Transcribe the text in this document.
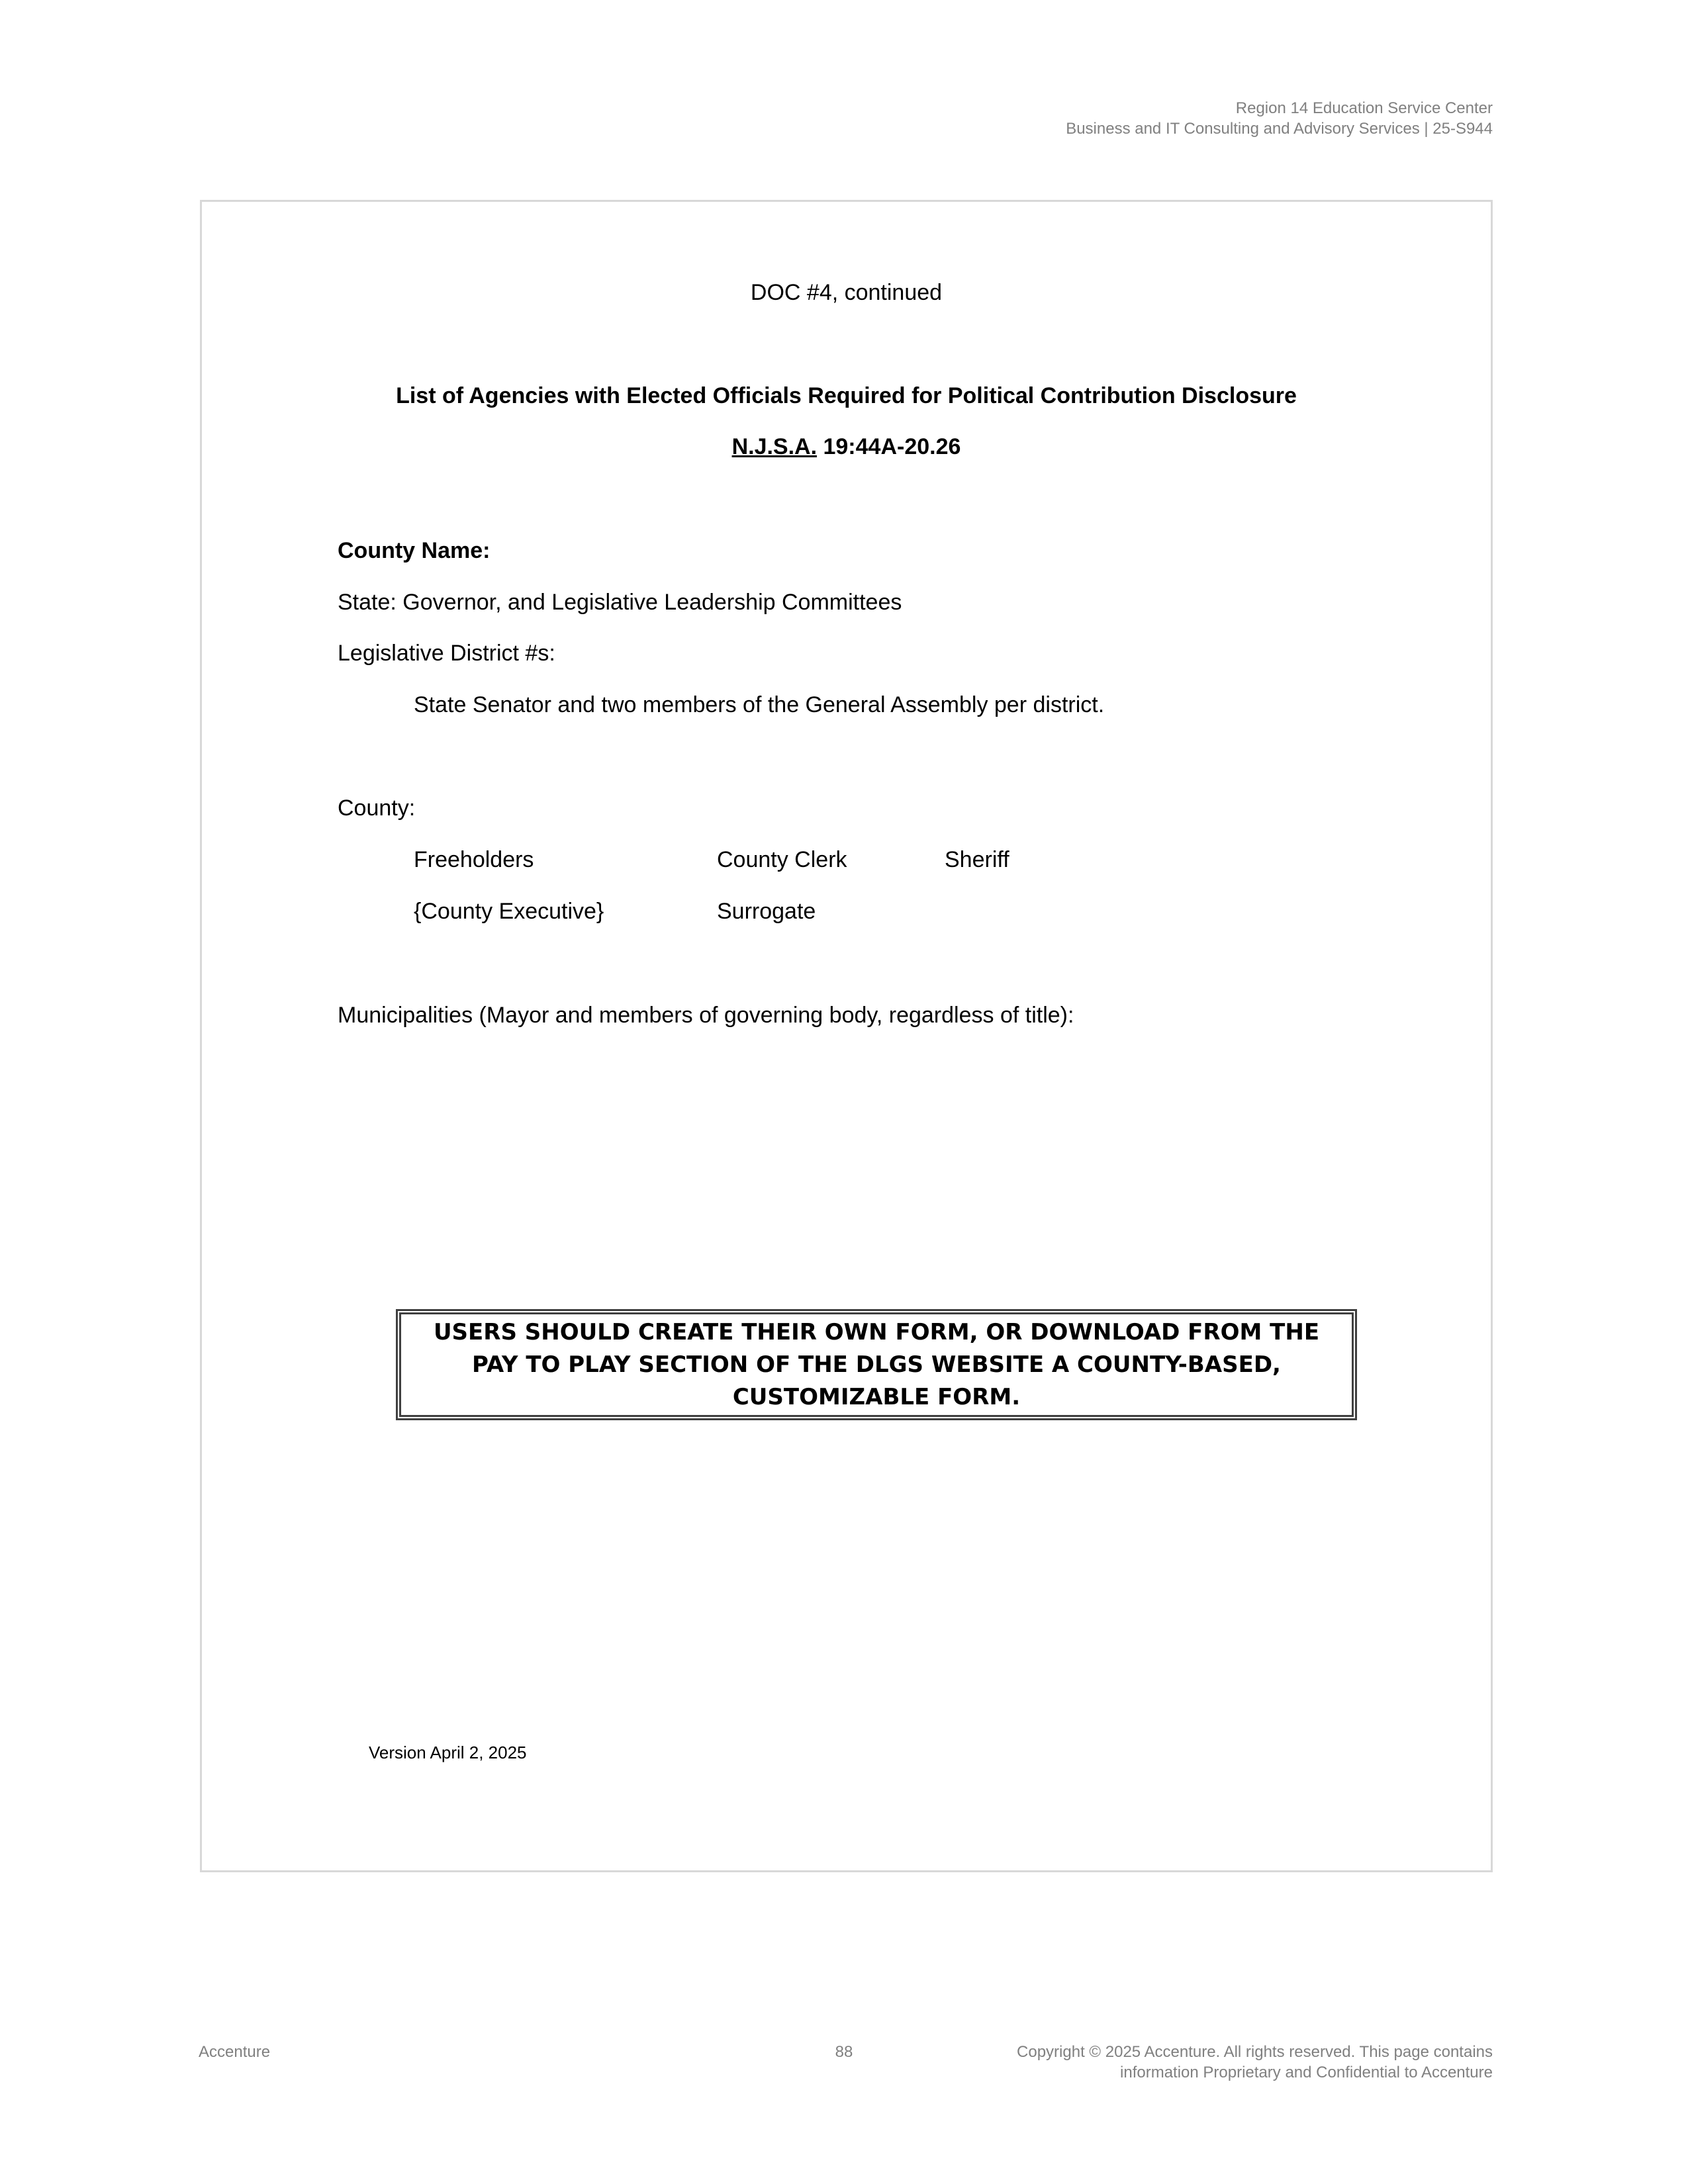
Region 14 Education Service Center
Business and IT Consulting and Advisory Services | 25-S944
DOC #4, continued
List of Agencies with Elected Officials Required for Political Contribution Disclosure
N.J.S.A. 19:44A-20.26
County Name:
State: Governor, and Legislative Leadership Committees
Legislative District #s:
State Senator and two members of the General Assembly per district.
County:
Freeholders	County Clerk	Sheriff
{County Executive}	Surrogate
Municipalities (Mayor and members of governing body, regardless of title):
Version April 2, 2025
USERS SHOULD CREATE THEIR OWN FORM, OR DOWNLOAD FROM THE PAY TO PLAY SECTION OF THE DLGS WEBSITE A COUNTY-BASED, CUSTOMIZABLE FORM.
Accenture	88	Copyright © 2025 Accenture. All rights reserved. This page contains
information Proprietary and Confidential to Accenture
